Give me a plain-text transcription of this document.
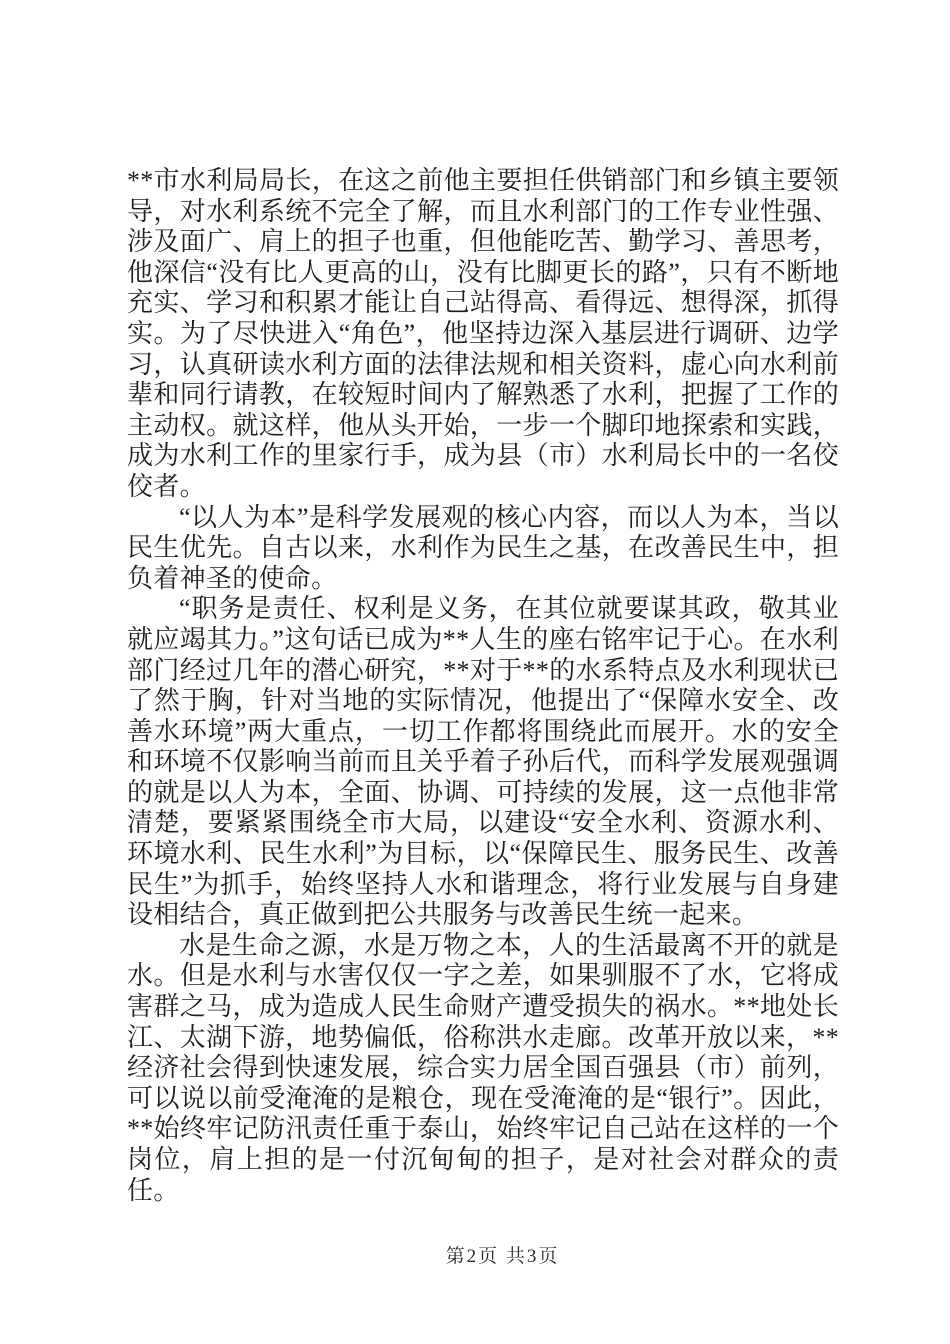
**市水利局局长，在这之前他主要担任供销部门和乡镇主要领导，对水利系统不完全了解，而且水利部门的工作专业性强、涉及面广、肩上的担子也重，但他能吃苦、勤学习、善思考，他深信“没有比人更高的山，没有比脚更长的路”，只有不断地充实、学习和积累才能让自己站得高、看得远、想得深，抓得实。为了尽快进入“角色”，他坚持边深入基层进行调研、边学习，认真研读水利方面的法律法规和相关资料，虚心向水利前辈和同行请教，在较短时间内了解熟悉了水利，把握了工作的主动权。就这样，他从头开始，一步一个脚印地探索和实践，成为水利工作的里家行手，成为县（市）水利局长中的一名佼佼者。

“以人为本”是科学发展观的核心内容，而以人为本，当以民生优先。自古以来，水利作为民生之基，在改善民生中，担负着神圣的使命。

“职务是责任、权利是义务，在其位就要谋其政，敬其业就应竭其力。”这句话已成为**人生的座右铭牢记于心。在水利部门经过几年的潜心研究，**对于**的水系特点及水利现状已了然于胸，针对当地的实际情况，他提出了“保障水安全、改善水环境”两大重点，一切工作都将围绕此而展开。水的安全和环境不仅影响当前而且关乎着子孙后代，而科学发展观强调的就是以人为本，全面、协调、可持续的发展，这一点他非常清楚，要紧紧围绕全市大局，以建设“安全水利、资源水利、环境水利、民生水利”为目标，以“保障民生、服务民生、改善民生”为抓手，始终坚持人水和谐理念，将行业发展与自身建设相结合，真正做到把公共服务与改善民生统一起来。

水是生命之源，水是万物之本，人的生活最离不开的就是水。但是水利与水害仅仅一字之差，如果驯服不了水，它将成害群之马，成为造成人民生命财产遭受损失的祸水。**地处长江、太湖下游，地势偏低，俗称洪水走廊。改革开放以来，**经济社会得到快速发展，综合实力居全国百强县（市）前列，可以说以前受淹淹的是粮仓，现在受淹淹的是“银行”。因此，**始终牢记防汛责任重于泰山，始终牢记自己站在这样的一个岗位，肩上担的是一付沉甸甸的担子，是对社会对群众的责任。

第2页 共3页
